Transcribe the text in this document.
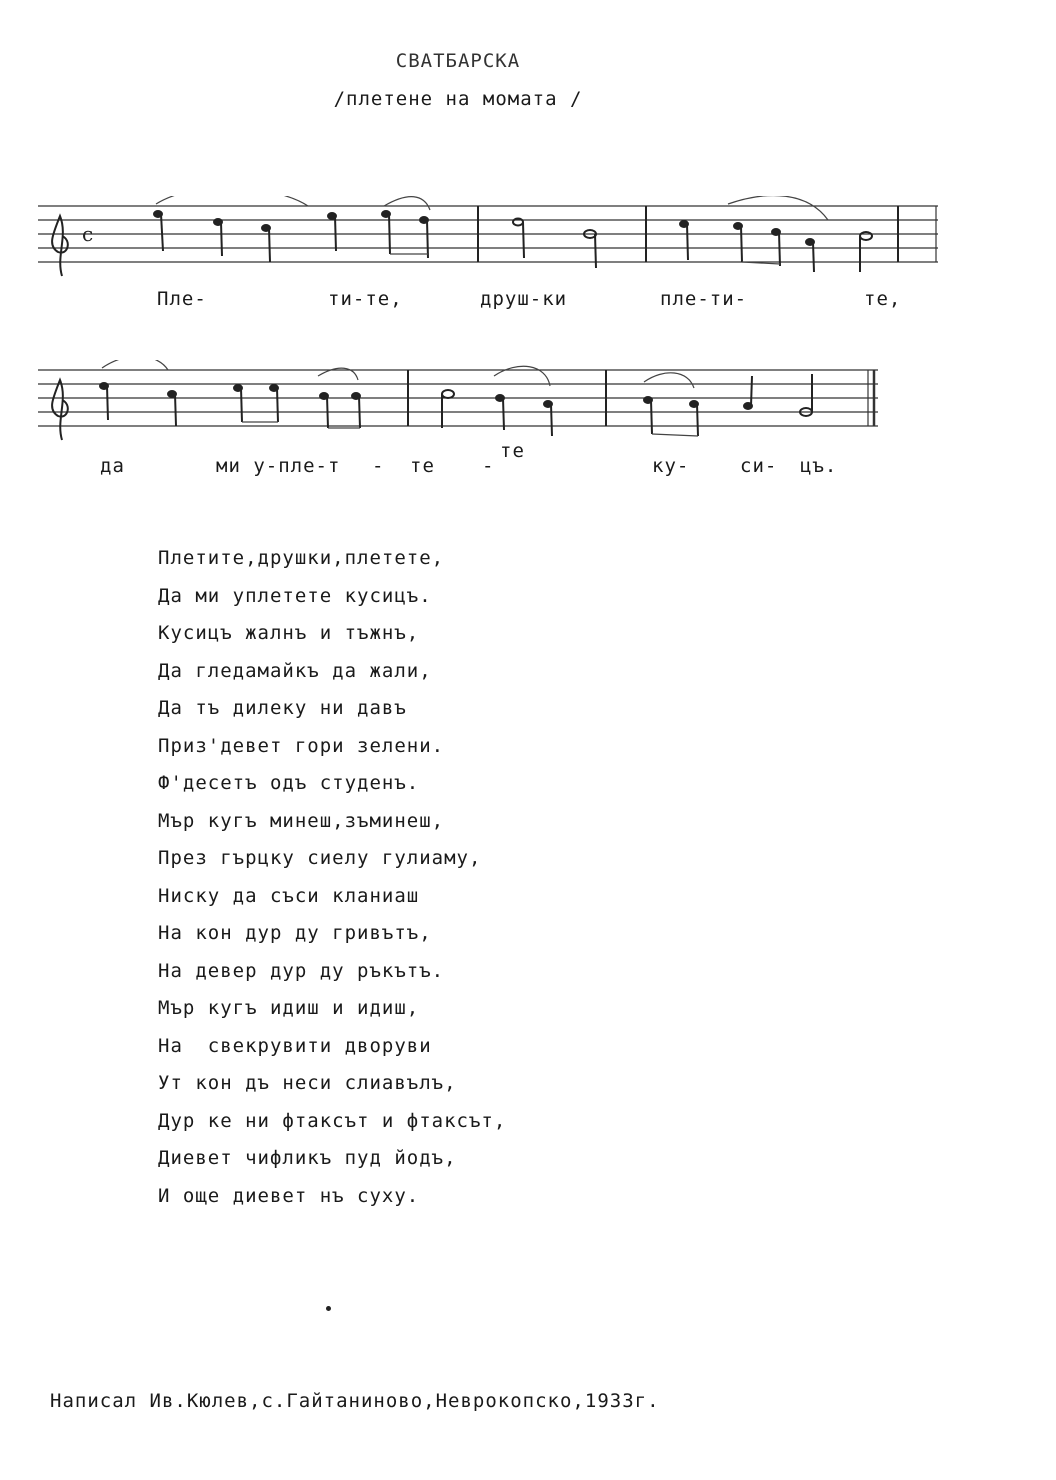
СВАТБАРСКА
/плетене на момата /
c
Пле-	ти-те,	друш-ки	пле-ти-	те,
да	ми у-пле-т - те -
те
ку-	си- цъ.
Плетите,друшки,плетете,
Да ми уплетете кусицъ.
Кусицъ жалнъ и тъжнъ,
Да гледамайкъ да жали,
Да тъ дилеку ни давъ
Приз'девет гори зелени.
Ф'десетъ одъ студенъ.
Мър кугъ минеш,зъминеш,
През гърцку сиелу гулиаму,
Ниску да съси кланиаш
На кон дур ду гривътъ,
На девер дур ду ръкътъ.
Мър кугъ идиш и идиш,
На  свекрувити дворуви
Ут кон дъ неси слиавълъ,
Дур ке ни фтаксът и фтаксът,
Диевет чифликъ пуд йодъ,
И още диевет нъ суху.
Написал Ив.Кюлев,с.Гайтаниново,Неврокопско,1933г.
